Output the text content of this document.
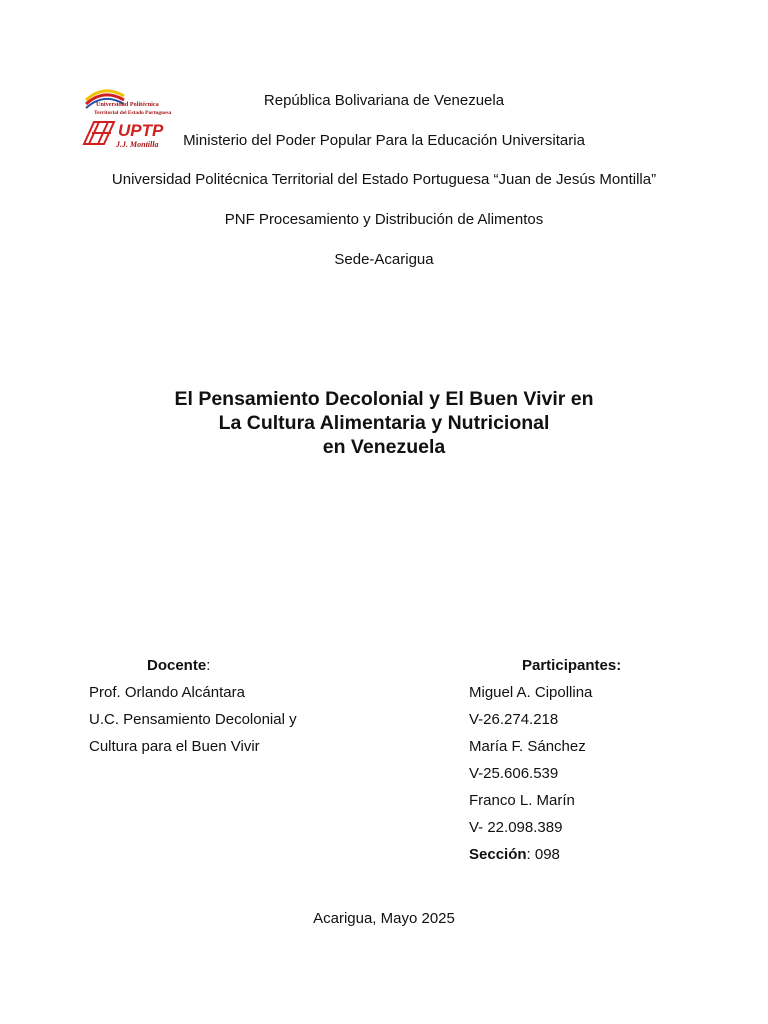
Universidad Politécnica
Territorial del Estado Portuguesa
UPTP
J.J. Montilla
República Bolivariana de Venezuela
Ministerio del Poder Popular Para la Educación Universitaria
Universidad Politécnica Territorial del Estado Portuguesa “Juan de Jesús Montilla”
PNF Procesamiento y Distribución de Alimentos
Sede-Acarigua
El Pensamiento Decolonial y El Buen Vivir en
La Cultura Alimentaria y Nutricional
en Venezuela
Docente:
Prof. Orlando Alcántara
U.C. Pensamiento Decolonial y
Cultura para el Buen Vivir
Participantes:
Miguel A. Cipollina
V-26.274.218
María F. Sánchez
V-25.606.539
Franco L. Marín
V- 22.098.389
Sección: 098
Acarigua, Mayo 2025
